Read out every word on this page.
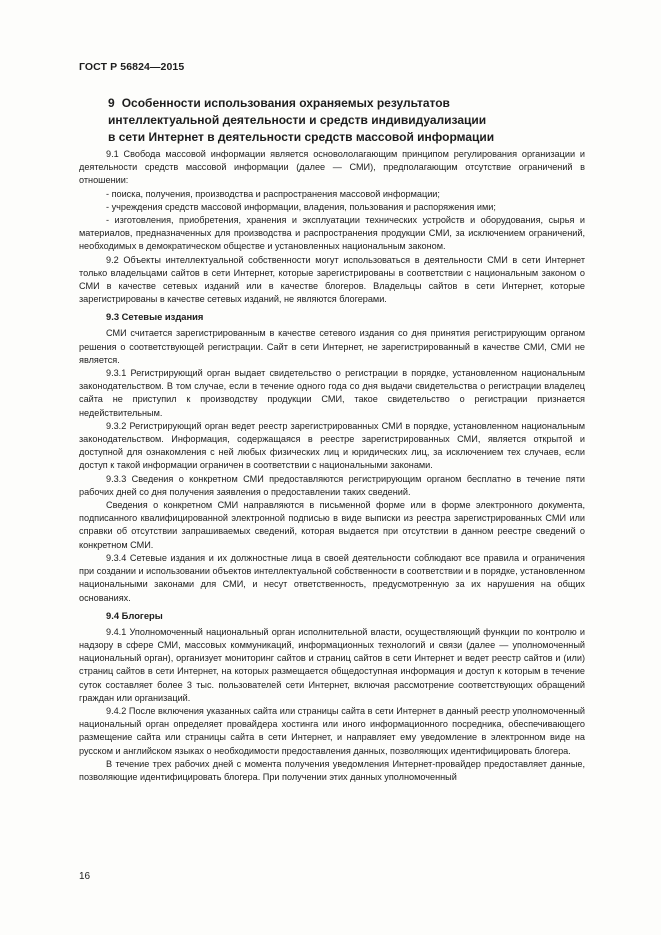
ГОСТ Р 56824—2015
9 Особенности использования охраняемых результатов
интеллектуальной деятельности и средств индивидуализации
в сети Интернет в деятельности средств массовой информации

9.1 Свобода массовой информации является основололагающим принципом регулирования организации и деятельности средств массовой информации (далее — СМИ), предполагающим отсутствие ограничений в отношении:

- поиска, получения, производства и распространения массовой информации;

- учреждения средств массовой информации, владения, пользования и распоряжения ими;

- изготовления, приобретения, хранения и эксплуатации технических устройств и оборудования, сырья и материалов, предназначенных для производства и распространения продукции СМИ, за исключением ограничений, необходимых в демократическом обществе и установленных национальным законом.

9.2 Объекты интеллектуальной собственности могут использоваться в деятельности СМИ в сети Интернет только владельцами сайтов в сети Интернет, которые зарегистрированы в соответствии с национальным законом о СМИ в качестве сетевых изданий или в качестве блогеров. Владельцы сайтов в сети Интернет, которые зарегистрированы в качестве сетевых изданий, не являются блогерами.

9.3 Сетевые издания

СМИ считается зарегистрированным в качестве сетевого издания со дня принятия регистрирующим органом решения о соответствующей регистрации. Сайт в сети Интернет, не зарегистрированный в качестве СМИ, СМИ не является.

9.3.1 Регистрирующий орган выдает свидетельство о регистрации в порядке, установленном национальным законодательством. В том случае, если в течение одного года со дня выдачи свидетельства о регистрации владелец сайта не приступил к производству продукции СМИ, такое свидетельство о регистрации признается недействительным.

9.3.2 Регистрирующий орган ведет реестр зарегистрированных СМИ в порядке, установленном национальным законодательством. Информация, содержащаяся в реестре зарегистрированных СМИ, является открытой и доступной для ознакомления с ней любых физических лиц и юридических лиц, за исключением тех случаев, если доступ к такой информации ограничен в соответствии с национальными законами.

9.3.3 Сведения о конкретном СМИ предоставляются регистрирующим органом бесплатно в течение пяти рабочих дней со дня получения заявления о предоставлении таких сведений.

Сведения о конкретном СМИ направляются в письменной форме или в форме электронного документа, подписанного квалифицированной электронной подписью в виде выписки из реестра зарегистрированных СМИ или справки об отсутствии запрашиваемых сведений, которая выдается при отсутствии в данном реестре сведений о конкретном СМИ.

9.3.4 Сетевые издания и их должностные лица в своей деятельности соблюдают все правила и ограничения при создании и использовании объектов интеллектуальной собственности в соответствии и в порядке, установленном национальными законами для СМИ, и несут ответственность, предусмотренную за их нарушения на общих основаниях.

9.4 Блогеры

9.4.1 Уполномоченный национальный орган исполнительной власти, осуществляющий функции по контролю и надзору в сфере СМИ, массовых коммуникаций, информационных технологий и связи (далее — уполномоченный национальный орган), организует мониторинг сайтов и страниц сайтов в сети Интернет и ведет реестр сайтов и (или) страниц сайтов в сети Интернет, на которых размещается общедоступная информация и доступ к которым в течение суток составляет более 3 тыс. пользователей сети Интернет, включая рассмотрение соответствующих обращений граждан или организаций.

9.4.2 После включения указанных сайта или страницы сайта в сети Интернет в данный реестр уполномоченный национальный орган определяет провайдера хостинга или иного информационного посредника, обеспечивающего размещение сайта или страницы сайта в сети Интернет, и направляет ему уведомление в электронном виде на русском и английском языках о необходимости предоставления данных, позволяющих идентифицировать блогера.

В течение трех рабочих дней с момента получения уведомления Интернет-провайдер предоставляет данные, позволяющие идентифицировать блогера. При получении этих данных уполномоченный

16
